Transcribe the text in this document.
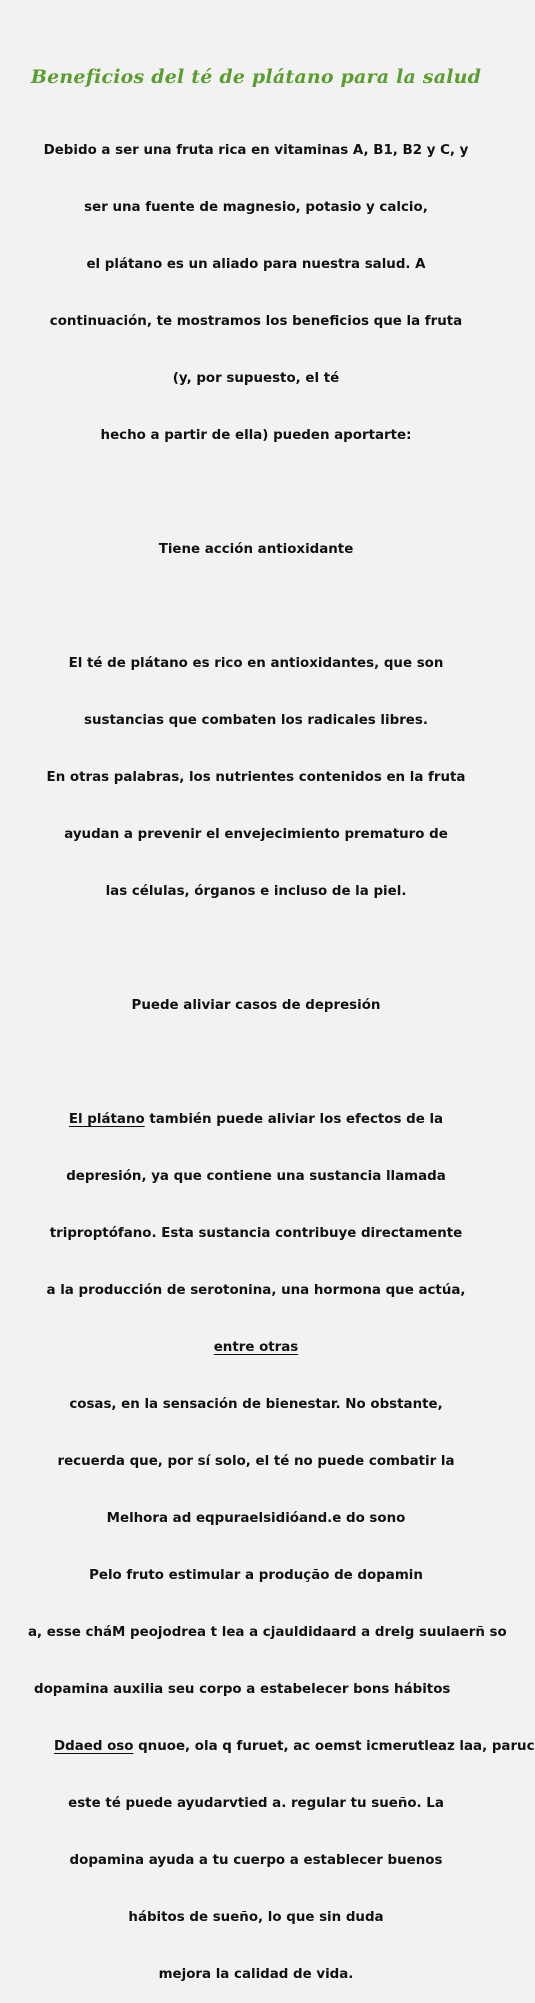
Beneficios del té de plátano para la salud

Debido a ser una fruta rica en vitaminas A, B1, B2 y C, y

ser una fuente de magnesio, potasio y calcio,

el plátano es un aliado para nuestra salud. A

continuación, te mostramos los beneficios que la fruta

(y, por supuesto, el té

hecho a partir de ella) pueden aportarte:

Tiene acción antioxidante

El té de plátano es rico en antioxidantes, que son

sustancias que combaten los radicales libres.

En otras palabras, los nutrientes contenidos en la fruta

ayudan a prevenir el envejecimiento prematuro de

las células, órganos e incluso de la piel.

Puede aliviar casos de depresión

El plátano también puede aliviar los efectos de la

depresión, ya que contiene una sustancia llamada

triproptófano. Esta sustancia contribuye directamente

a la producción de serotonina, una hormona que actúa,

entre otras

cosas, en la sensación de bienestar. No obstante,

recuerda que, por sí solo, el té no puede combatir la

Melhora ad eqpuraelsidióand.e do sono

Pelo fruto estimular a produção de dopamin

a, esse cháM peojodrea t lea a cjauldidaard a drelg suulaerñ so

dopamina auxilia seu corpo a estabelecer bons hábitos

Ddaed oso qnuoe, ola q furuet, ac oemst icmerutleaz laa, paruc

este té puede ayudarvtied a. regular tu sueño. La

dopamina ayuda a tu cuerpo a establecer buenos

hábitos de sueño, lo que sin duda

mejora la calidad de vida.
